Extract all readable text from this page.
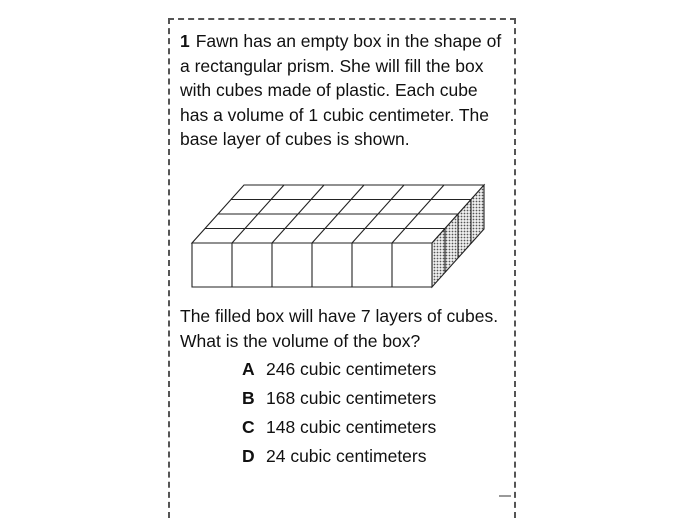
1 Fawn has an empty box in the shape of a rectangular prism. She will fill the box with cubes made of plastic. Each cube has a volume of 1 cubic centimeter. The base layer of cubes is shown.

The filled box will have 7 layers of cubes. What is the volume of the box?

A 246 cubic centimeters
B 168 cubic centimeters
C 148 cubic centimeters
D 24 cubic centimeters
